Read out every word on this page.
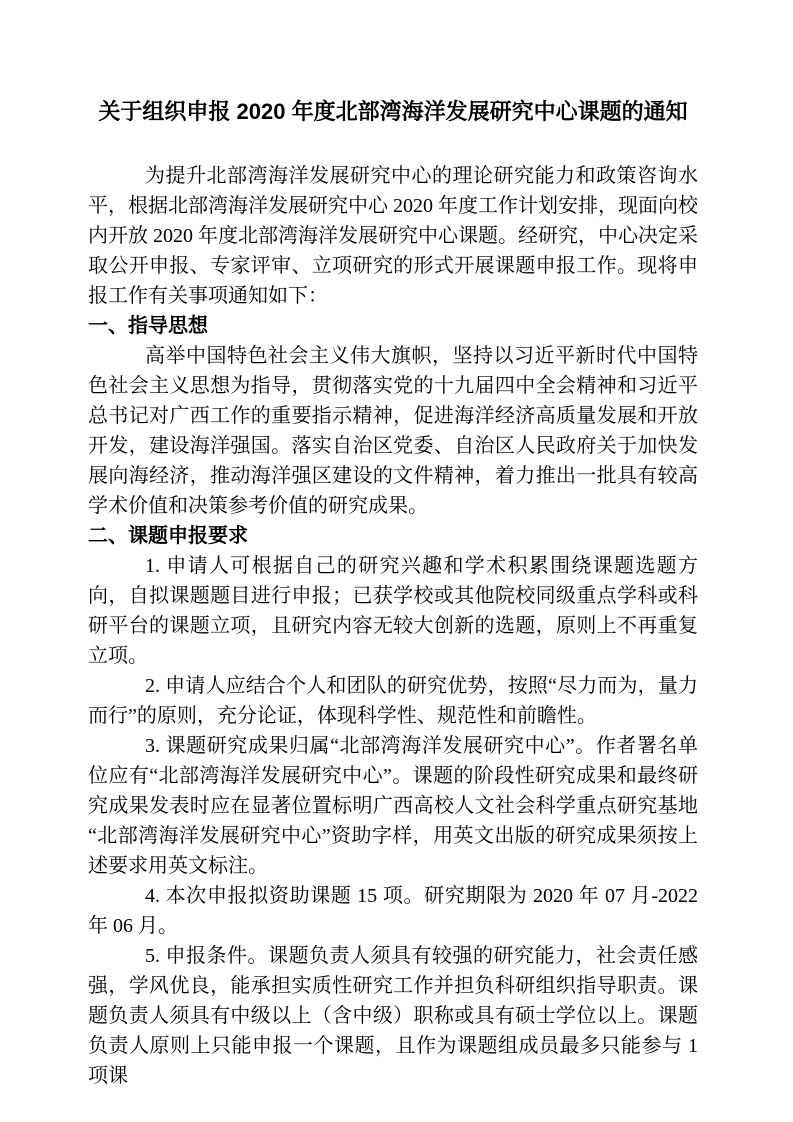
关于组织申报 2020 年度北部湾海洋发展研究中心课题的通知

为提升北部湾海洋发展研究中心的理论研究能力和政策咨询水平，根据北部湾海洋发展研究中心 2020 年度工作计划安排，现面向校内开放 2020 年度北部湾海洋发展研究中心课题。经研究，中心决定采取公开申报、专家评审、立项研究的形式开展课题申报工作。现将申报工作有关事项通知如下：

一、指导思想

高举中国特色社会主义伟大旗帜，坚持以习近平新时代中国特色社会主义思想为指导，贯彻落实党的十九届四中全会精神和习近平总书记对广西工作的重要指示精神，促进海洋经济高质量发展和开放开发，建设海洋强国。落实自治区党委、自治区人民政府关于加快发展向海经济，推动海洋强区建设的文件精神，着力推出一批具有较高学术价值和决策参考价值的研究成果。

二、课题申报要求

1. 申请人可根据自己的研究兴趣和学术积累围绕课题选题方向，自拟课题题目进行申报；已获学校或其他院校同级重点学科或科研平台的课题立项，且研究内容无较大创新的选题，原则上不再重复立项。

2. 申请人应结合个人和团队的研究优势，按照“尽力而为，量力而行”的原则，充分论证，体现科学性、规范性和前瞻性。

3. 课题研究成果归属“北部湾海洋发展研究中心”。作者署名单位应有“北部湾海洋发展研究中心”。课题的阶段性研究成果和最终研究成果发表时应在显著位置标明广西高校人文社会科学重点研究基地“北部湾海洋发展研究中心”资助字样，用英文出版的研究成果须按上述要求用英文标注。

4. 本次申报拟资助课题 15 项。研究期限为 2020 年 07 月-2022 年 06 月。

5. 申报条件。课题负责人须具有较强的研究能力，社会责任感强，学风优良，能承担实质性研究工作并担负科研组织指导职责。课题负责人须具有中级以上（含中级）职称或具有硕士学位以上。课题负责人原则上只能申报一个课题，且作为课题组成员最多只能参与 1 项课
